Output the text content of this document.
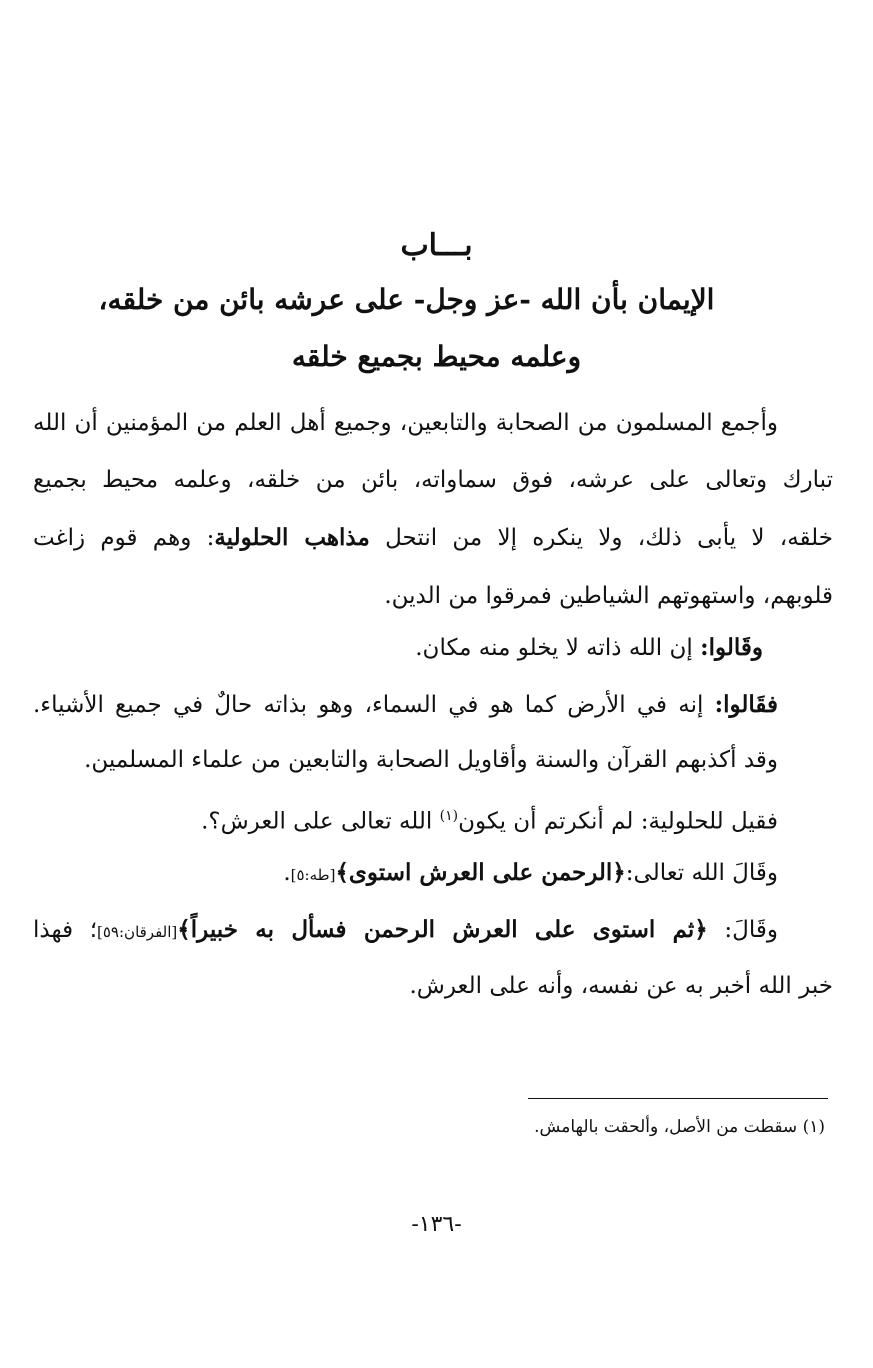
بـــاب
الإيمان بأن الله -عز وجل- على عرشه بائن من خلقه،
وعلمه محيط بجميع خلقه
وأجمع المسلمون من الصحابة والتابعين، وجميع أهل العلم من المؤمنين أن الله
تبارك وتعالى على عرشه، فوق سماواته، بائن من خلقه، وعلمه محيط بجميع
خلقه، لا يأبى ذلك، ولا ينكره إلا من انتحل مذاهب الحلولية: وهم قوم زاغت
قلوبهم، واستهوتهم الشياطين فمرقوا من الدين.
وقَالوا: إن الله ذاته لا يخلو منه مكان.
فقَالوا: إنه في الأرض كما هو في السماء، وهو بذاته حالٌ في جميع الأشياء.
وقد أكذبهم القرآن والسنة وأقاويل الصحابة والتابعين من علماء المسلمين.
فقيل للحلولية: لم أنكرتم أن يكون$^{(١)}$ الله تعالى على العرش؟.
وقَالَ الله تعالى:﴿الرحمن على العرش استوى﴾[طه:٥].
وقَالَ: ﴿ثم استوى على العرش الرحمن فسأل به خبيراً﴾[الفرقان:٥٩]؛ فهذا
خبر الله أخبر به عن نفسه، وأنه على العرش.
(١) سقطت من الأصل، وألحقت بالهامش.
-١٣٦-
